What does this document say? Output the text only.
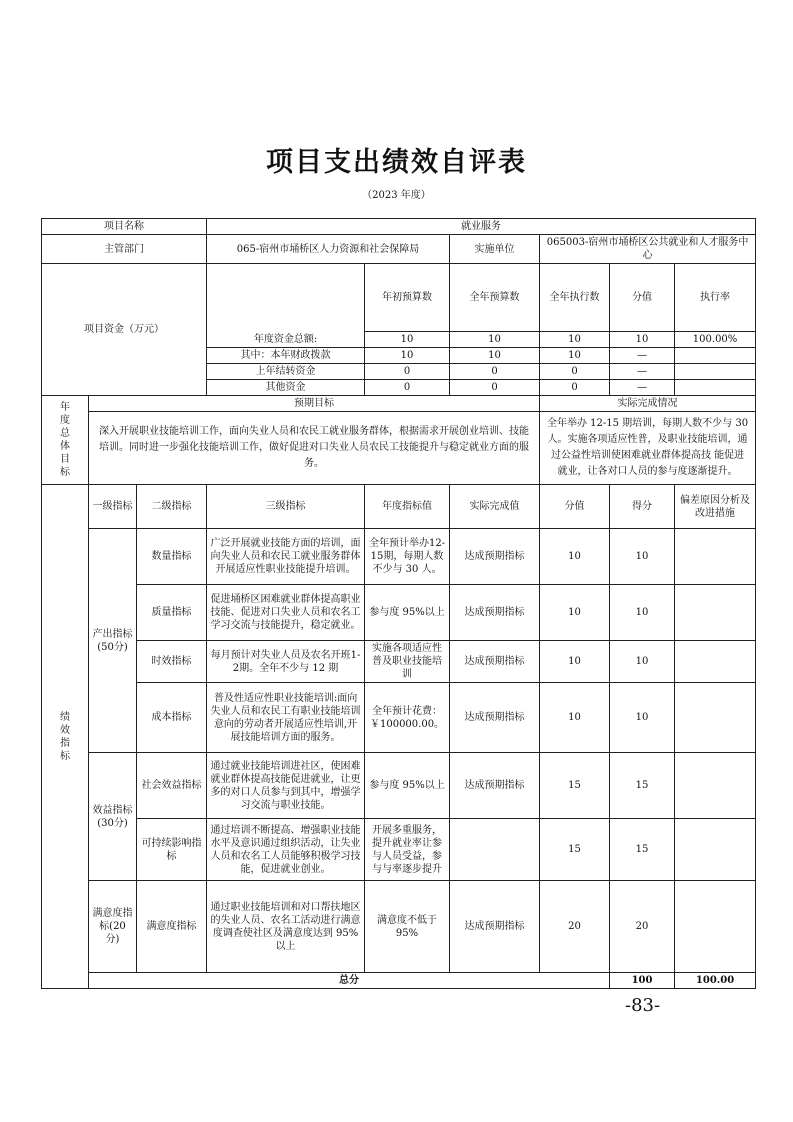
项目支出绩效自评表
（2023 年度）
项目名称			就业服务						
主管部门			065-宿州市埇桥区人力资源和社会保障局		实施单位	065003-宿州市埇桥区公共就业和人才服务中心			
项目资金（万元）				年初预算数	全年预算数	全年执行数	分值	执行率	
			年度资金总额:	10	10	10	10	100.00%	
			其中：本年财政拨款	10	10	10	—		
			上年结转资金	0	0	0	—		
			其他资金	0	0	0	—		

年度总体目标	预期目标					实际完成情况			
	深入开展职业技能培训工作，面向失业人员和农民工就业服务群体，根据需求开展创业培训、技能培训。同时进一步强化技能培训工作，做好促进对口失业人员农民工技能提升与稳定就业方面的服务。					全年举办 12-15 期培训，每期人数不少与 30 人。实施各项适应性普，及职业技能培训，通过公益性培训使困难就业群体提高技 能促进就业，让各对口人员的参与度逐渐提升。			

绩效指标	一级指标	二级指标	三级指标	年度指标值	实际完成值	分值	得分	偏差原因分析及改进措施	
	产出指标(50分)	数量指标	广泛开展就业技能方面的培训，面向失业人员和农民工就业服务群体开展适应性职业技能提升培训。	全年预计举办12-15期，每期人数不少与 30 人。	达成预期指标	10	10		
		质量指标	促进埇桥区困难就业群体提高职业技能、促进对口失业人员和农名工学习交流与技能提升，稳定就业。	参与度 95%以上	达成预期指标	10	10		
		时效指标	每月预计对失业人员及农名开班1-2期。全年不少与 12 期	实施各项适应性普及职业技能培训	达成预期指标	10	10		
		成本指标	普及性适应性职业技能培训:面向失业人员和农民工有职业技能培训意向的劳动者开展适应性培训,开展技能培训方面的服务。	全年预计花费：￥100000.00。	达成预期指标	10	10		
	效益指标(30分)	社会效益指标	通过就业技能培训进社区，使困难就业群体提高技能促进就业，让更多的对口人员参与到其中，增强学习交流与职业技能。	参与度 95%以上	达成预期指标	15	15		
		可持续影响指标	通过培训不断提高、增强职业技能水平及意识通过组织活动，让失业人员和农名工人员能够积极学习技能，促进就业创业。	开展多重服务，提升就业率让参与人员受益，参与与率逐步提升		15	15		
	满意度指标(20 分)	满意度指标	通过职业技能培训和对口帮扶地区的失业人员、农名工活动进行满意度调查使社区及满意度达到 95%以上	满意度不低于95%	达成预期指标	20	20		
	总分						100	100.00	
-83-
